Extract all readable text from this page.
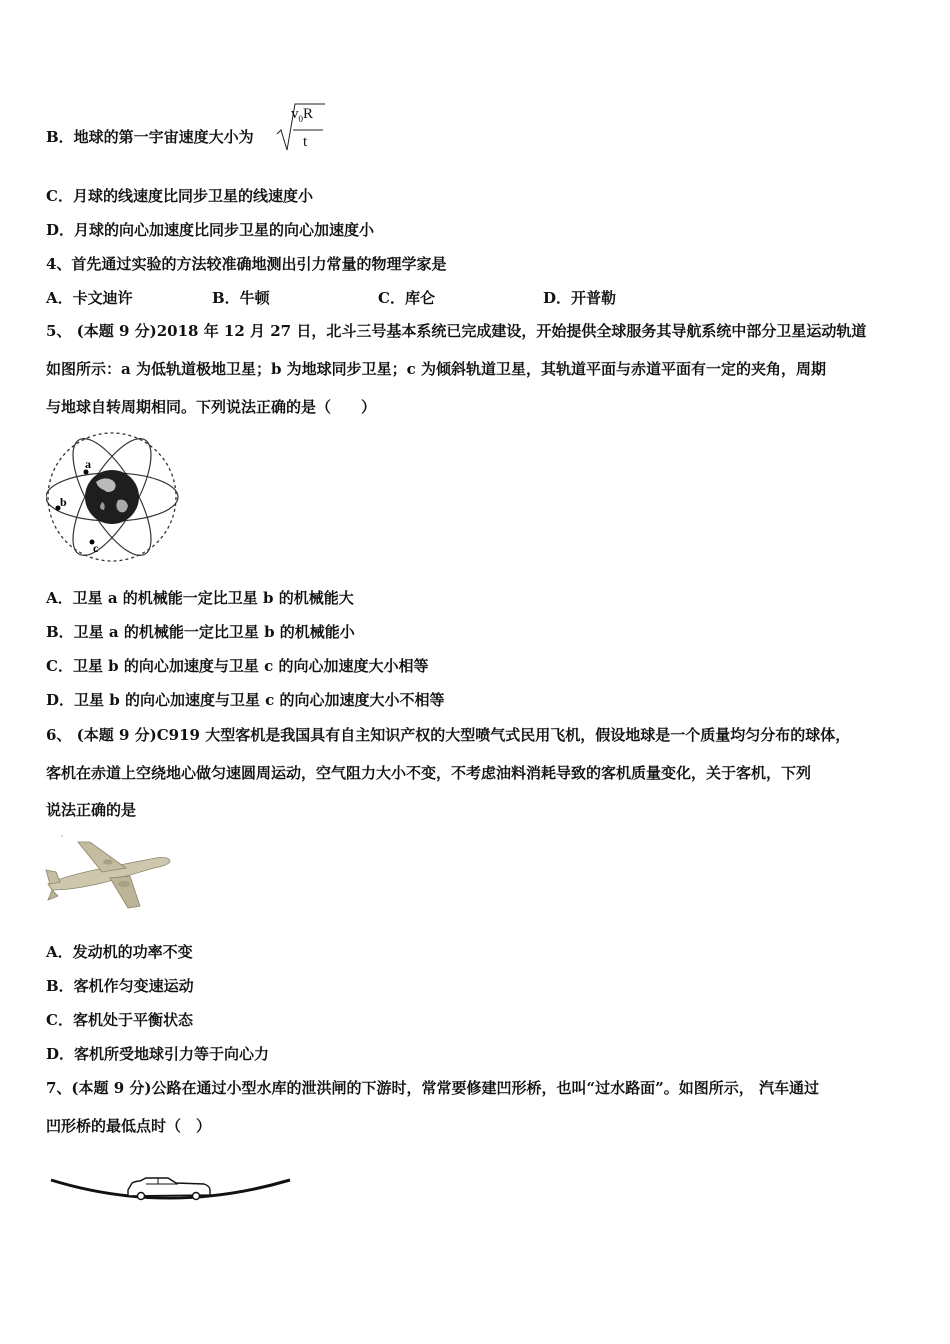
B．地球的第一宇宙速度大小为
$v_0R$
t
C．月球的线速度比同步卫星的线速度小
D．月球的向心加速度比同步卫星的向心加速度小
4、首先通过实验的方法较准确地测出引力常量的物理学家是
A．卡文迪许	B．牛顿	C．库仑	D．开普勒
5、 (本题 9 分)2018 年 12 月 27 日，北斗三号基本系统已完成建设，开始提供全球服务其导航系统中部分卫星运动轨道
如图所示：a 为低轨道极地卫星；b 为地球同步卫星；c 为倾斜轨道卫星，其轨道平面与赤道平面有一定的夹角，周期
与地球自转周期相同。下列说法正确的是（　　）
a
b
c
A．卫星 a 的机械能一定比卫星 b 的机械能大
B．卫星 a 的机械能一定比卫星 b 的机械能小
C．卫星 b 的向心加速度与卫星 c 的向心加速度大小相等
D．卫星 b 的向心加速度与卫星 c 的向心加速度大小不相等
6、 (本题 9 分)C919 大型客机是我国具有自主知识产权的大型喷气式民用飞机，假设地球是一个质量均匀分布的球体，
客机在赤道上空绕地心做匀速圆周运动，空气阻力大小不变，不考虑油料消耗导致的客机质量变化，关于客机，下列
说法正确的是
A．发动机的功率不变
B．客机作匀变速运动
C．客机处于平衡状态
D．客机所受地球引力等于向心力
7、(本题 9 分)公路在通过小型水库的泄洪闸的下游时，常常要修建凹形桥，也叫“过水路面”。如图所示， 汽车通过
凹形桥的最低点时（　）
